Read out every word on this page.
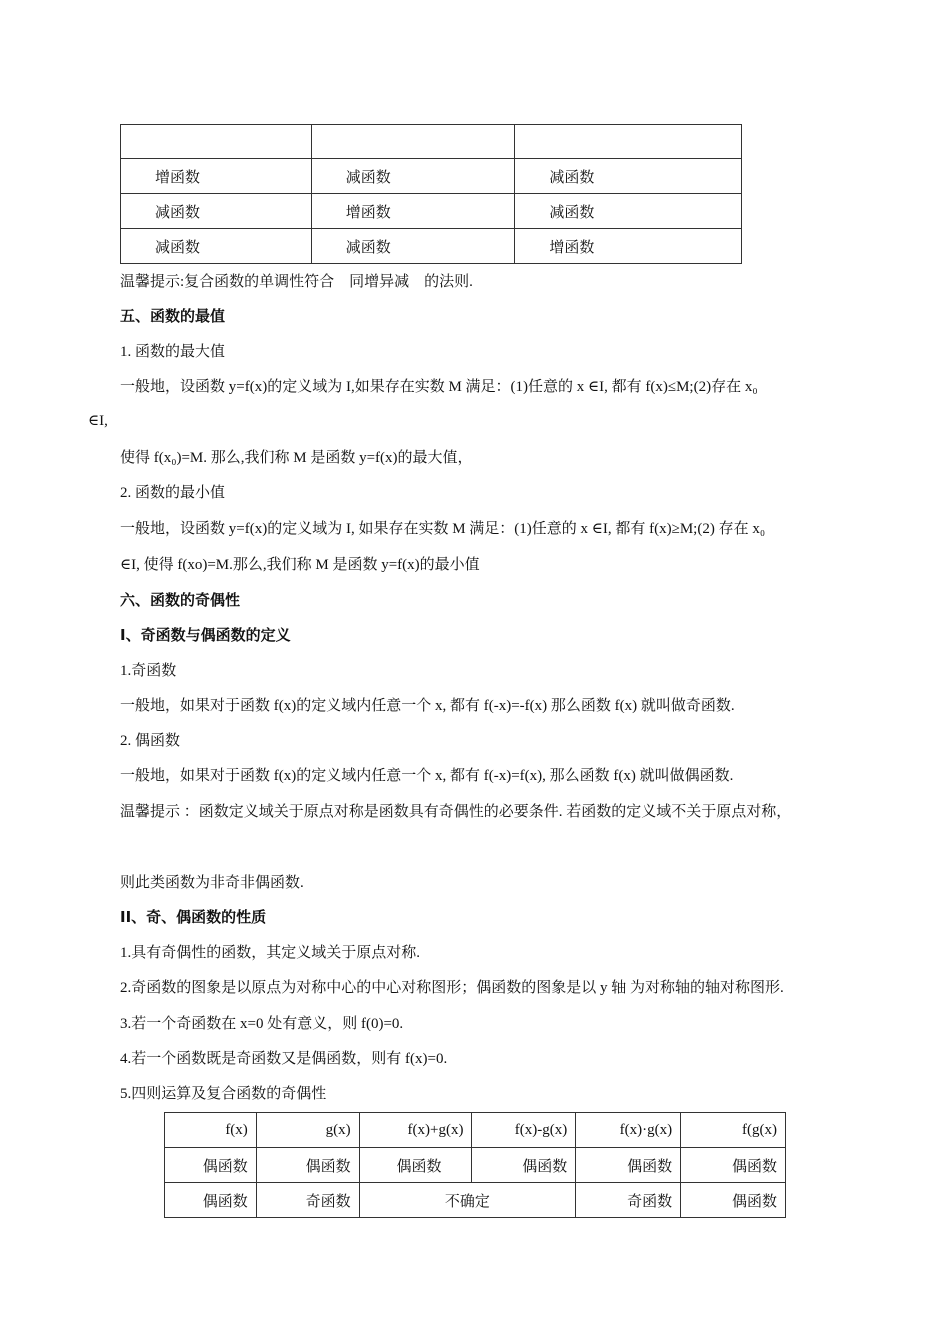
增函数	减函数	减函数
减函数	增函数	减函数
减函数	减函数	增函数
温馨提示:复合函数的单调性符合　同增异减　的法则.
五、函数的最值
1. 函数的最大值
一般地，设函数 y=f(x)的定义域为 I,如果存在实数 M 满足：(1)任意的 x ∈I, 都有 f(x)≤M;(2)存在 x₀
∈I,
使得 f(x₀)=M. 那么,我们称 M 是函数 y=f(x)的最大值，
2. 函数的最小值
一般地，设函数 y=f(x)的定义域为 I, 如果存在实数 M 满足：(1)任意的 x ∈I, 都有 f(x)≥M;(2) 存在 x₀
∈I, 使得 f(xo)=M.那么,我们称 M 是函数 y=f(x)的最小值
六、函数的奇偶性
I、奇函数与偶函数的定义
1.奇函数
一般地，如果对于函数 f(x)的定义域内任意一个 x, 都有 f(-x)=-f(x) 那么函数 f(x) 就叫做奇函数.
2. 偶函数
一般地，如果对于函数 f(x)的定义域内任意一个 x, 都有 f(-x)=f(x), 那么函数 f(x) 就叫做偶函数.
温馨提示 ：函数定义域关于原点对称是函数具有奇偶性的必要条件. 若函数的定义域不关于原点对称，
则此类函数为非奇非偶函数.
II、奇、偶函数的性质
1.具有奇偶性的函数，其定义域关于原点对称.
2.奇函数的图象是以原点为对称中心的中心对称图形；偶函数的图象是以 y 轴 为对称轴的轴对称图形.
3.若一个奇函数在 x=0 处有意义，则 f(0)=0.
4.若一个函数既是奇函数又是偶函数，则有 f(x)=0.
5.四则运算及复合函数的奇偶性
f(x)	g(x)	f(x)+g(x)	f(x)-g(x)	f(x)·g(x)	f(g(x)
偶函数	偶函数	偶函数	偶函数	偶函数	偶函数
偶函数	奇函数	不确定		奇函数	偶函数
